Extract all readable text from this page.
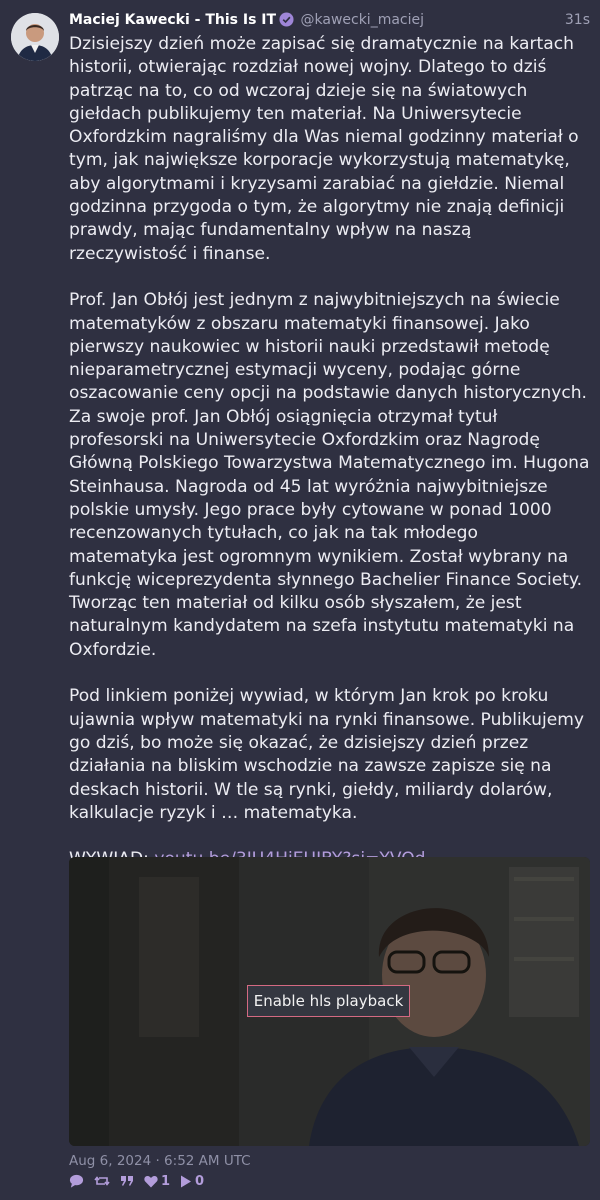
Maciej Kawecki - This Is IT @kawecki_maciej	31s

Dzisiejszy dzień może zapisać się dramatycznie na kartach historii, otwierając rozdział nowej wojny. Dlatego to dziś patrząc na to, co od wczoraj dzieje się na światowych giełdach publikujemy ten materiał. Na Uniwersytecie Oxfordzkim nagraliśmy dla Was niemal godzinny materiał o tym, jak największe korporacje wykorzystują matematykę, aby algorytmami i kryzysami zarabiać na giełdzie. Niemal godzinna przygoda o tym, że algorytmy nie znają definicji prawdy, mając fundamentalny wpływ na naszą rzeczywistość i finanse.

Prof. Jan Obłój jest jednym z najwybitniejszych na świecie matematyków z obszaru matematyki finansowej. Jako pierwszy naukowiec w historii nauki przedstawił metodę nieparametrycznej estymacji wyceny, podając górne oszacowanie ceny opcji na podstawie danych historycznych. Za swoje prof. Jan Obłój osiągnięcia otrzymał tytuł profesorski na Uniwersytecie Oxfordzkim oraz Nagrodę Główną Polskiego Towarzystwa Matematycznego im. Hugona Steinhausa. Nagroda od 45 lat wyróżnia najwybitniejsze polskie umysły. Jego prace były cytowane w ponad 1000 recenzowanych tytułach, co jak na tak młodego matematyka jest ogromnym wynikiem. Został wybrany na funkcję wiceprezydenta słynnego Bachelier Finance Society. Tworząc ten materiał od kilku osób słyszałem, że jest naturalnym kandydatem na szefa instytutu matematyki na Oxfordzie.

Pod linkiem poniżej wywiad, w którym Jan krok po kroku ujawnia wpływ matematyki na rynki finansowe. Publikujemy go dziś, bo może się okazać, że dzisiejszy dzień przez działania na bliskim wschodzie na zawsze zapisze się na deskach historii. W tle są rynki, giełdy, miliardy dolarów, kalkulacje ryzyk i … matematyka.

Enable hls playback
Aug 6, 2024 · 6:52 AM UTC
1 0
